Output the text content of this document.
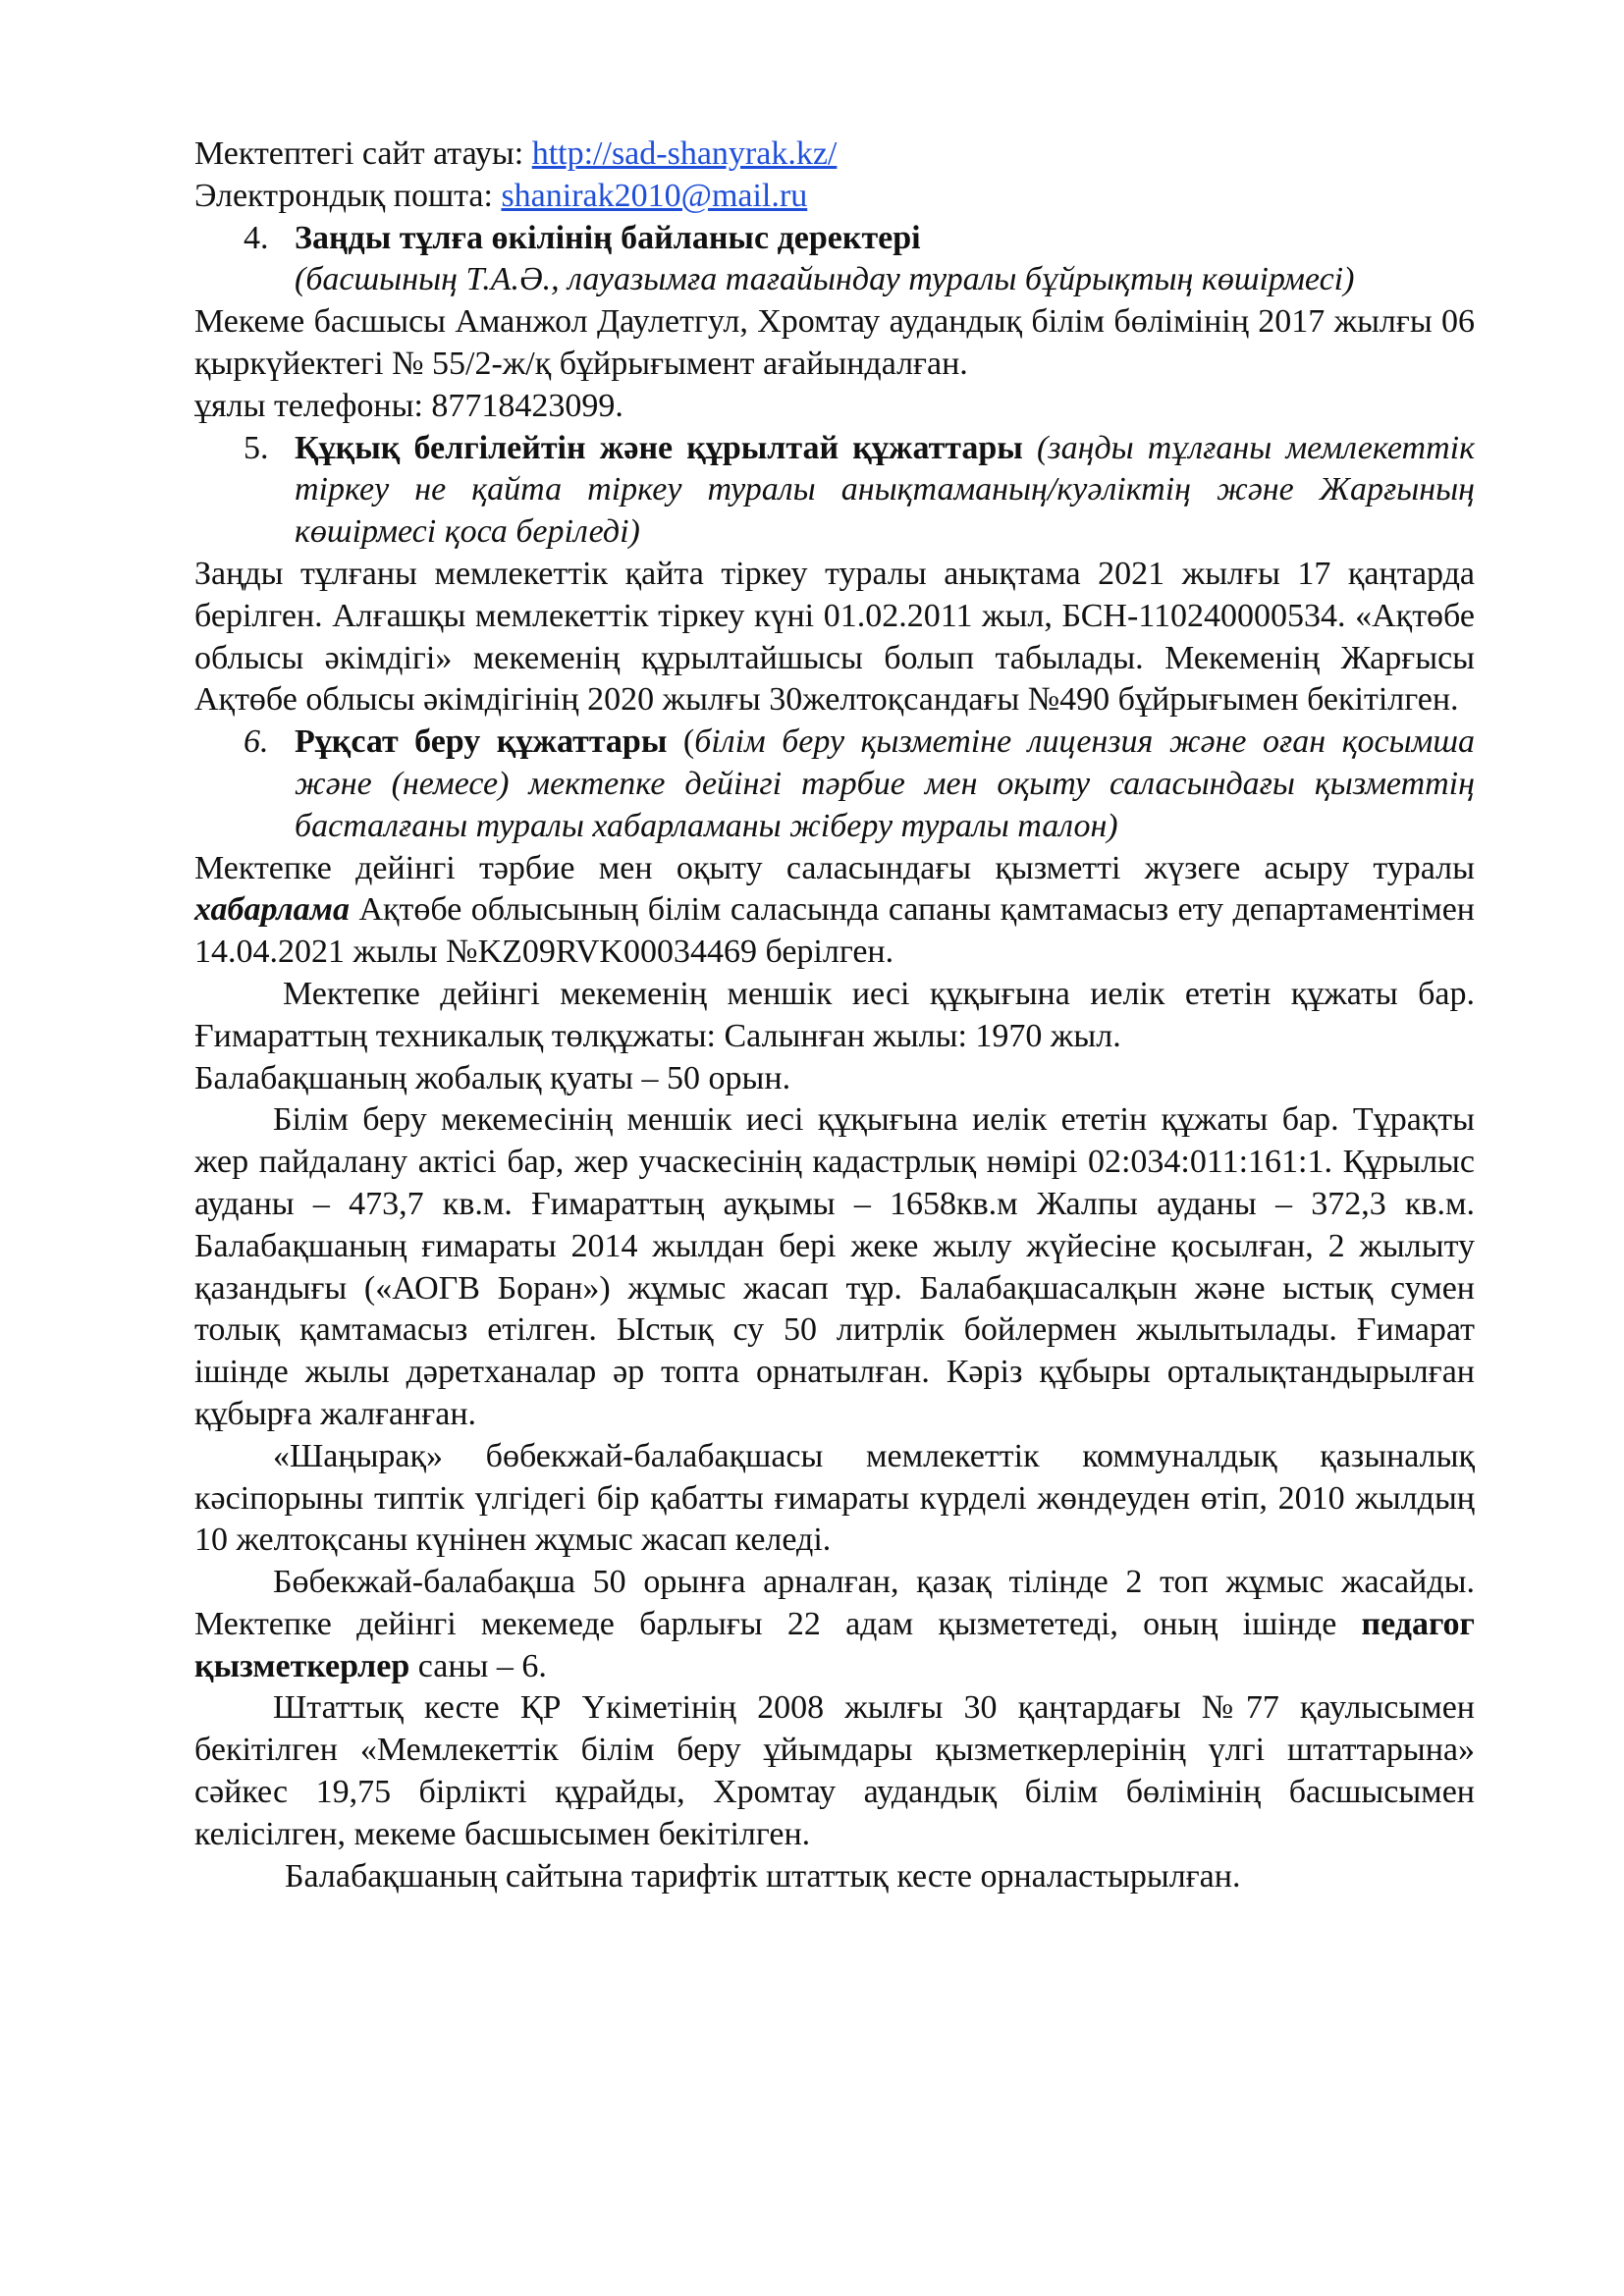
Мектептегі сайт атауы: http://sad-shanyrak.kz/

Электрондық пошта: shanirak2010@mail.ru

4. Заңды тұлға өкілінің байланыс деректері

(басшының Т.А.Ә., лауазымға тағайындау туралы бұйрықтың көшірмесі)

Мекеме басшысы Аманжол Даулетгул, Хромтау аудандық білім бөлімінің 2017 жылғы 06 қыркүйектегі № 55/2-ж/қ бұйрығымент ағайындалған.

ұялы телефоны: 87718423099.

5. Құқық белгілейтін және құрылтай құжаттары (заңды тұлғаны мемлекеттік тіркеу не қайта тіркеу туралы анықтаманың/куәліктің және Жарғының көшірмесі қоса беріледі)

Заңды тұлғаны мемлекеттік қайта тіркеу туралы анықтама 2021 жылғы 17 қаңтарда берілген. Алғашқы мемлекеттік тіркеу күні 01.02.2011 жыл, БСН-110240000534. «Ақтөбе облысы әкімдігі» мекеменің құрылтайшысы болып табылады. Мекеменің Жарғысы Ақтөбе облысы әкімдігінің 2020 жылғы 30желтоқсандағы №490 бұйрығымен бекітілген.

6. Рұқсат беру құжаттары (білім беру қызметіне лицензия және оған қосымша және (немесе) мектепке дейінгі тәрбие мен оқыту саласындағы қызметтің басталғаны туралы хабарламаны жіберу туралы талон)

Мектепке дейінгі тәрбие мен оқыту саласындағы қызметті жүзеге асыру туралы хабарлама Ақтөбе облысының білім саласында сапаны қамтамасыз ету департаментімен 14.04.2021 жылы №KZ09RVK00034469 берілген.

Мектепке дейінгі мекеменің меншік иесі құқығына иелік ететін құжаты бар. Ғимараттың техникалық төлқұжаты: Салынған жылы: 1970 жыл.

Балабақшаның жобалық қуаты – 50 орын.

Білім беру мекемесінің меншік иесі құқығына иелік ететін құжаты бар. Тұрақты жер пайдалану актісі бар, жер учаскесінің кадастрлық нөмірі 02:034:011:161:1. Құрылыс ауданы – 473,7 кв.м. Ғимараттың ауқымы – 1658кв.м Жалпы ауданы – 372,3 кв.м. Балабақшаның ғимараты 2014 жылдан бері жеке жылу жүйесіне қосылған, 2 жылыту қазандығы («АОГВ Боран») жұмыс жасап тұр. Балабақшасалқын және ыстық сумен толық қамтамасыз етілген. Ыстық су 50 литрлік бойлермен жылытылады. Ғимарат ішінде жылы дәретханалар әр топта орнатылған. Кәріз құбыры орталықтандырылған құбырға жалғанған.

«Шаңырақ» бөбекжай-балабақшасы мемлекеттік коммуналдық қазыналық кәсіпорыны типтік үлгідегі бір қабатты ғимараты күрделі жөндеуден өтіп, 2010 жылдың 10 желтоқсаны күнінен жұмыс жасап келеді.

Бөбекжай-балабақша 50 орынға арналған, қазақ тілінде 2 топ жұмыс жасайды. Мектепке дейінгі мекемеде барлығы 22 адам қызмететеді, оның ішінде педагог қызметкерлер саны – 6.

Штаттық кесте ҚР Үкіметінің 2008 жылғы 30 қаңтардағы №77 қаулысымен бекітілген «Мемлекеттік білім беру ұйымдары қызметкерлерінің үлгі штаттарына» сәйкес 19,75 бірлікті құрайды, Хромтау аудандық білім бөлімінің басшысымен келісілген, мекеме басшысымен бекітілген.

Балабақшаның сайтына тарифтік штаттық кесте орналастырылған.
